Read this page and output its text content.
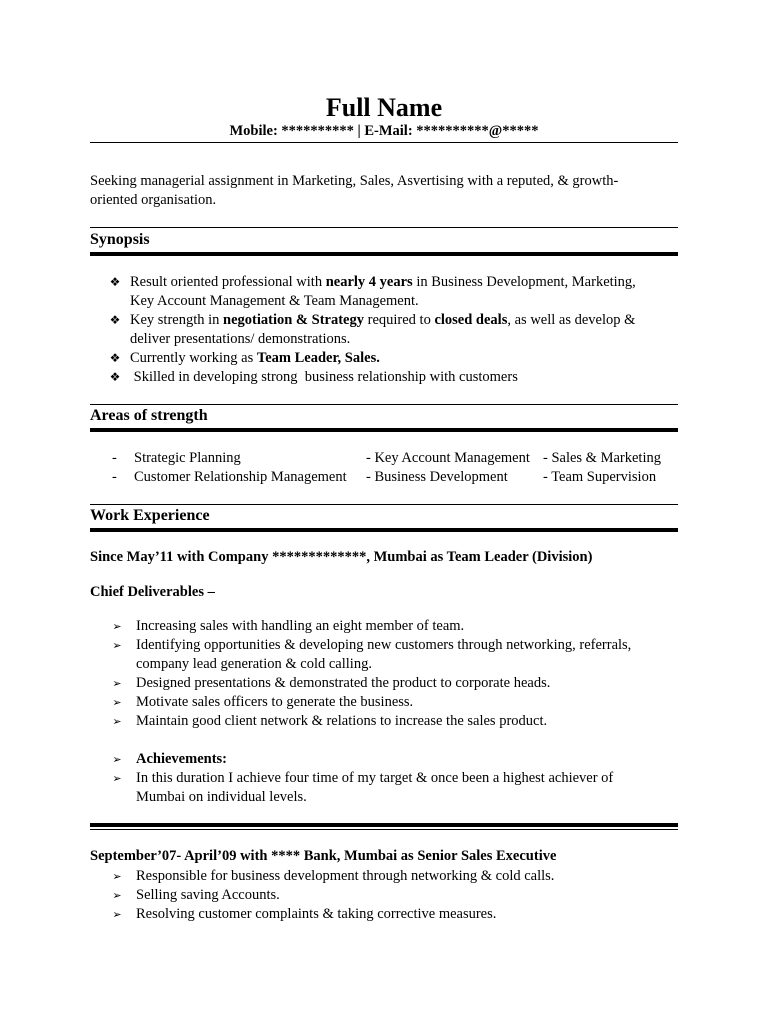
Full Name
Mobile: ********** | E-Mail: **********@*****
Seeking managerial assignment in Marketing, Sales, Asvertising with a reputed, & growth-
oriented organisation.
Synopsis
❖ Result oriented professional with nearly 4 years in Business Development, Marketing,
Key Account Management & Team Management.
❖ Key strength in negotiation & Strategy required to closed deals, as well as develop &
deliver presentations/ demonstrations.
❖ Currently working as Team Leader, Sales.
❖ Skilled in developing strong  business relationship with customers
Areas of strength
- Strategic Planning	- Key Account Management - Sales & Marketing
- Customer Relationship Management - Business Development - Team Supervision
Work Experience
Since May’11 with Company *************, Mumbai as Team Leader (Division)
Chief Deliverables –
➢ Increasing sales with handling an eight member of team.
➢ Identifying opportunities & developing new customers through networking, referrals,
company lead generation & cold calling.
➢ Designed presentations & demonstrated the product to corporate heads.
➢ Motivate sales officers to generate the business.
➢ Maintain good client network & relations to increase the sales product.
➢ Achievements:
➢ In this duration I achieve four time of my target & once been a highest achiever of
Mumbai on individual levels.
September’07- April’09 with **** Bank, Mumbai as Senior Sales Executive
➢ Responsible for business development through networking & cold calls.
➢ Selling saving Accounts.
➢ Resolving customer complaints & taking corrective measures.
